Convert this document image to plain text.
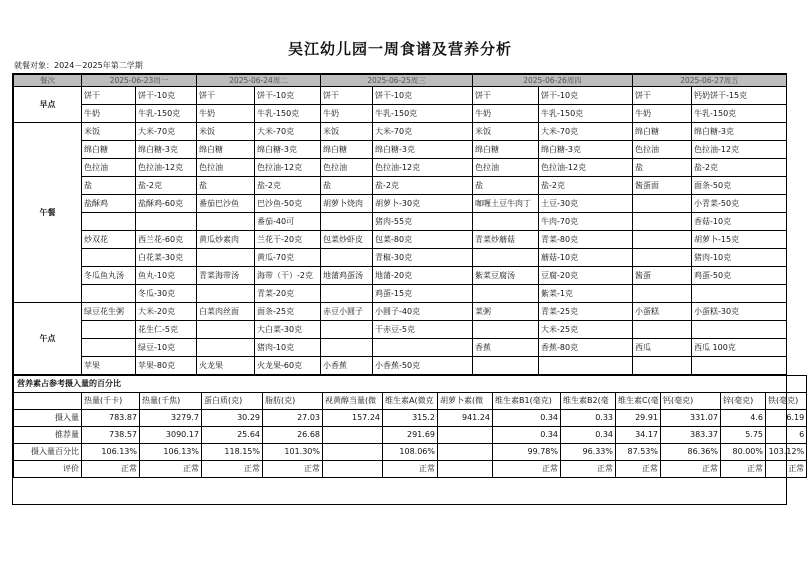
吴江幼儿园一周食谱及营养分析
就餐对象：2024－2025年第二学期
餐次	2025-06-23周一		2025-06-24周二		2025-06-25周三		2025-06-26周四		2025-06-27周五	
早点	饼干	饼干-10克	饼干	饼干-10克	饼干	饼干-10克	饼干	饼干-10克	饼干	钙奶饼干-15克
	牛奶	牛乳-150克	牛奶	牛乳-150克	牛奶	牛乳-150克	牛奶	牛乳-150克	牛奶	牛乳-150克
午餐	米饭	大米-70克	米饭	大米-70克	米饭	大米-70克	米饭	大米-70克	绵白糖	绵白糖-3克
	绵白糖	绵白糖-3克	绵白糖	绵白糖-3克	绵白糖	绵白糖-3克	绵白糖	绵白糖-3克	色拉油	色拉油-12克
	色拉油	色拉油-12克	色拉油	色拉油-12克	色拉油	色拉油-12克	色拉油	色拉油-12克	盐	盐-2克
	盐	盐-2克	盐	盐-2克	盐	盐-2克	盐	盐-2克	酱蛋面	面条-50克
	盐酥鸡	盐酥鸡-60克	番茄巴沙鱼	巴沙鱼-50克	胡萝卜烧肉	胡萝卜-30克	咖喱土豆牛肉丁	土豆-30克		小青菜-50克
				番茄-40可		猪肉-55克		牛肉-70克		香菇-10克
	炒双花	西兰花-60克	黄瓜炒素肉	兰花干-20克	包菜炒虾皮	包菜-80克	青菜炒蘑菇	青菜-80克		胡萝卜-15克
		白花菜-30克		黄瓜-70克		青椒-30克		蘑菇-10克		猪肉-10克
	冬瓜鱼丸汤	鱼丸-10克	青菜海带汤	海带（干）-2克	地蒲鸡蛋汤	地蒲-20克	紫菜豆腐汤	豆腐-20克	酱蛋	鸡蛋-50克
		冬瓜-30克		青菜-20克		鸡蛋-15克		紫菜-1克		
午点	绿豆花生粥	大米-20克	白菜肉丝面	面条-25克	赤豆小圆子	小圆子-40克	菜粥	青菜-25克	小蛋糕	小蛋糕-30克
		花生仁-5克		大白菜-30克		干赤豆-5克		大米-25克		
		绿豆-10克		猪肉-10克			香蕉	香蕉-80克	西瓜	西瓜 100克
	苹果	苹果-80克	火龙果	火龙果-60克	小香蕉	小香蕉-50克				
营养素占参考摄入量的百分比													
	热量(千卡)	热量(千焦)	蛋白质(克)	脂肪(克)	视黄醇当量(微	维生素A(微克	胡萝卜素(微	维生素B1(毫克)	维生素B2(毫	维生素C(毫	钙(毫克)	锌(毫克)	铁(毫克)
摄入量	783.87	3279.7	30.29	27.03	157.24	315.2	941.24	0.34	0.33	29.91	331.07	4.6	6.19
推荐量	738.57	3090.17	25.64	26.68		291.69		0.34	0.34	34.17	383.37	5.75	6
摄入量百分比	106.13%	106.13%	118.15%	101.30%		108.06%		99.78%	96.33%	87.53%	86.36%	80.00%	103.12%
评价	正常	正常	正常	正常		正常		正常	正常	正常	正常	正常	正常
